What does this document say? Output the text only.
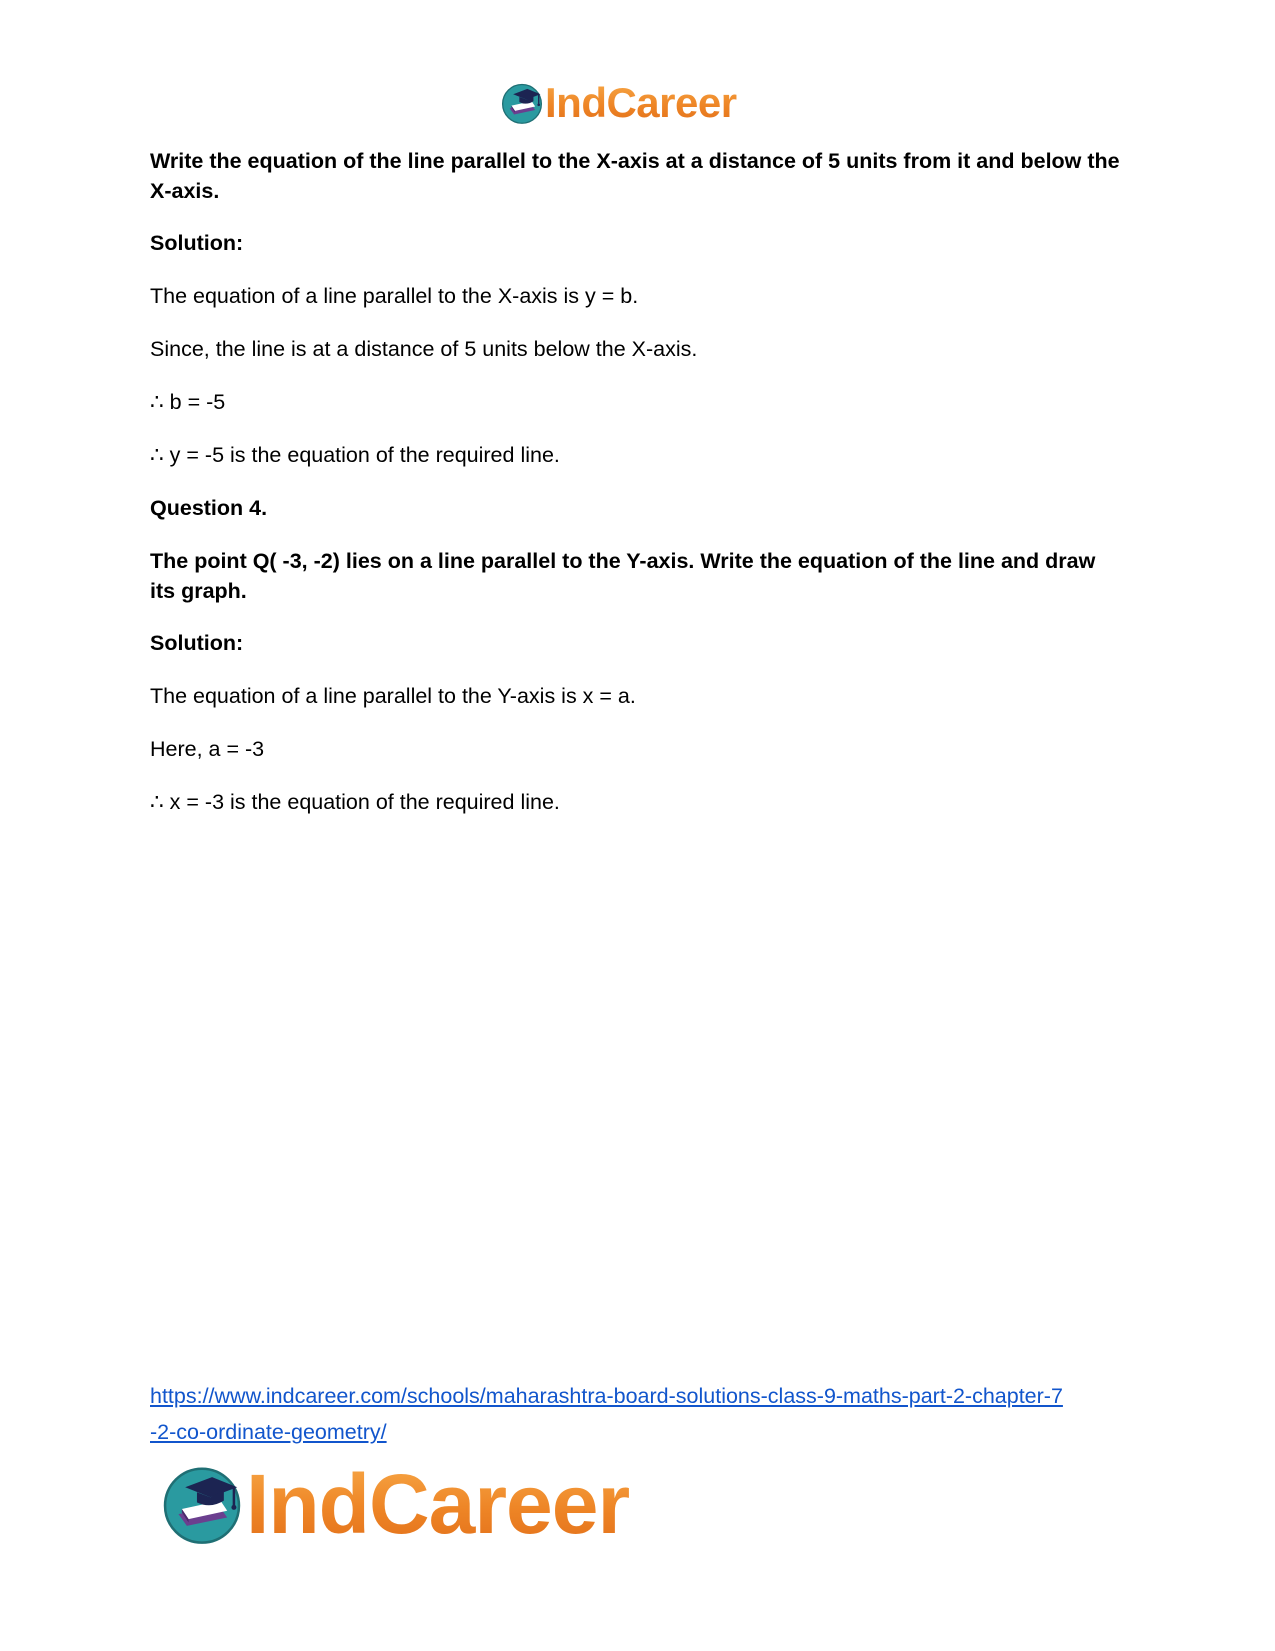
IndCareer

Write the equation of the line parallel to the X-axis at a distance of 5 units from it and below the X-axis.

Solution:

The equation of a line parallel to the X-axis is y = b.

Since, the line is at a distance of 5 units below the X-axis.

∴ b = -5

∴ y = -5 is the equation of the required line.

Question 4.

The point Q( -3, -2) lies on a line parallel to the Y-axis. Write the equation of the line and draw its graph.

Solution:

The equation of a line parallel to the Y-axis is x = a.

Here, a = -3

∴ x = -3 is the equation of the required line.

https://www.indcareer.com/schools/maharashtra-board-solutions-class-9-maths-part-2-chapter-7
-2-co-ordinate-geometry/
IndCareer
